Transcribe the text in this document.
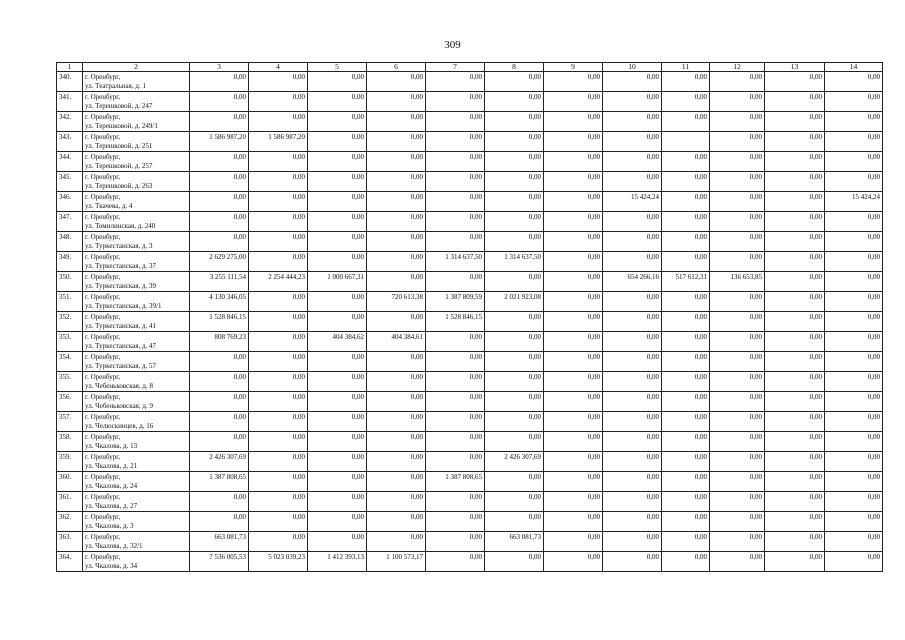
309
1	2	3	4	5	6	7	8	9	10	11	12	13	14
340.	г. Оренбург,
ул. Театральная, д. 1	0,00	0,00	0,00	0,00	0,00	0,00	0,00	0,00	0,00	0,00	0,00	0,00
341.	г. Оренбург,
ул. Терешковой, д. 247	0,00	0,00	0,00	0,00	0,00	0,00	0,00	0,00	0,00	0,00	0,00	0,00
342.	г. Оренбург,
ул. Терешковой, д. 249/1	0,00	0,00	0,00	0,00	0,00	0,00	0,00	0,00	0,00	0,00	0,00	0,00
343.	г. Оренбург,
ул. Терешковой, д. 251	1 586 987,20	1 586 987,20	0,00	0,00	0,00	0,00	0,00	0,00		0,00	0,00	0,00
344.	г. Оренбург,
ул. Терешковой, д. 257	0,00	0,00	0,00	0,00	0,00	0,00	0,00	0,00	0,00	0,00	0,00	0,00
345.	г. Оренбург,
ул. Терешковой, д. 263	0,00	0,00	0,00	0,00	0,00	0,00	0,00	0,00	0,00	0,00	0,00	0,00
346.	г. Оренбург,
ул. Ткачева, д. 4	0,00	0,00	0,00	0,00	0,00	0,00	0,00	15 424,24	0,00	0,00	0,00	15 424,24
347.	г. Оренбург,
ул. Томилинская, д. 240	0,00	0,00	0,00	0,00	0,00	0,00	0,00	0,00	0,00	0,00	0,00	0,00
348.	г. Оренбург,
ул. Туркестанская, д. 3	0,00	0,00	0,00	0,00	0,00	0,00	0,00	0,00	0,00	0,00	0,00	0,00
349.	г. Оренбург,
ул. Туркестанская, д. 37	2 629 275,00	0,00	0,00	0,00	1 314 637,50	1 314 637,50	0,00	0,00	0,00	0,00	0,00	0,00
350.	г. Оренбург,
ул. Туркестанская, д. 39	3 255 111,54	2 254 444,23	1 000 667,31	0,00	0,00	0,00	0,00	654 266,16	517 612,31	136 653,85	0,00	0,00
351.	г. Оренбург,
ул. Туркестанская, д. 39/1	4 130 346,05	0,00	0,00	720 613,38	1 387 809,59	2 021 923,08	0,00	0,00	0,00	0,00	0,00	0,00
352.	г. Оренбург,
ул. Туркестанская, д. 41	1 528 846,15	0,00	0,00	0,00	1 528 846,15	0,00	0,00	0,00	0,00	0,00	0,00	0,00
353.	г. Оренбург,
ул. Туркестанская, д. 47	808 769,23	0,00	404 384,62	404 384,61	0,00	0,00	0,00	0,00	0,00	0,00	0,00	0,00
354.	г. Оренбург,
ул. Туркестанская, д. 57	0,00	0,00	0,00	0,00	0,00	0,00	0,00	0,00	0,00	0,00	0,00	0,00
355.	г. Оренбург,
ул. Чебеньковская, д. 8	0,00	0,00	0,00	0,00	0,00	0,00	0,00	0,00	0,00	0,00	0,00	0,00
356.	г. Оренбург,
ул. Чебеньковская, д. 9	0,00	0,00	0,00	0,00	0,00	0,00	0,00	0,00	0,00	0,00	0,00	0,00
357.	г. Оренбург,
ул. Челюскинцев, д. 16	0,00	0,00	0,00	0,00	0,00	0,00	0,00	0,00	0,00	0,00	0,00	0,00
358.	г. Оренбург,
ул. Чкалова, д. 13	0,00	0,00	0,00	0,00	0,00	0,00	0,00	0,00	0,00	0,00	0,00	0,00
359.	г. Оренбург,
ул. Чкалова, д. 21	2 426 307,69	0,00	0,00	0,00	0,00	2 426 307,69	0,00	0,00	0,00	0,00	0,00	0,00
360.	г. Оренбург,
ул. Чкалова, д. 24	1 387 808,65	0,00	0,00	0,00	1 387 808,65	0,00	0,00	0,00	0,00	0,00	0,00	0,00
361.	г. Оренбург,
ул. Чкалова, д. 27	0,00	0,00	0,00	0,00	0,00	0,00	0,00	0,00	0,00	0,00	0,00	0,00
362.	г. Оренбург,
ул. Чкалова, д. 3	0,00	0,00	0,00	0,00	0,00	0,00	0,00	0,00	0,00	0,00	0,00	0,00
363.	г. Оренбург,
ул. Чкалова, д. 32/1	663 081,73	0,00	0,00	0,00	0,00	663 081,73	0,00	0,00	0,00	0,00	0,00	0,00
364.	г. Оренбург,
ул. Чкалова, д. 34	7 536 005,53	5 023 039,23	1 412 393,13	1 100 573,17	0,00	0,00	0,00	0,00	0,00	0,00	0,00	0,00
